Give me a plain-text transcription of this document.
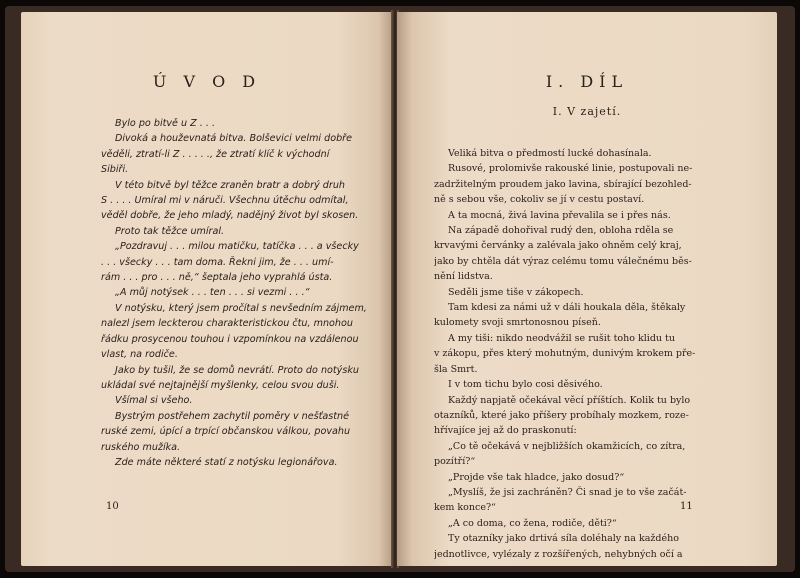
Ú V O D
Bylo po bitvě u Z . . .
Divoká a houževnatá bitva. Bolševici velmi dobře
věděli, ztratí-li Z . . . . ., že ztratí klíč k východní
Sibiři.
V této bitvě byl těžce zraněn bratr a dobrý druh
S . . . . Umíral mi v náruči. Všechnu útěchu odmítal,
věděl dobře, že jeho mladý, nadějný život byl skosen.
Proto tak těžce umíral.
„Pozdravuj . . . milou matičku, tatíčka . . . a všecky
. . . všecky . . . tam doma. Řekni jim, že . . . umí-
rám . . . pro . . . ně,“ šeptala jeho vyprahlá ústa.
„A můj notýsek . . . ten . . . si vezmi . . .“
V notýsku, který jsem pročítal s nevšedním zájmem,
nalezl jsem leckterou charakteristickou čtu, mnohou
řádku prosycenou touhou i vzpomínkou na vzdálenou
vlast, na rodiče.
Jako by tušil, že se domů nevrátí. Proto do notýsku
ukládal své nejtajnější myšlenky, celou svou duši.
Všímal si všeho.
Bystrým postřehem zachytil poměry v nešťastné
ruské zemi, úpící a trpící občanskou válkou, povahu
ruského mužíka.
Zde máte některé statí z notýsku legionářova.
10
I. DÍL
I. V zajetí.
Veliká bitva o předmostí lucké dohasínala.
Rusové, prolomivše rakouské linie, postupovali ne-
zadržitelným proudem jako lavina, sbírající bezohled-
ně s sebou vše, cokoliv se jí v cestu postaví.
A ta mocná, živá lavina převalila se i přes nás.
Na západě dohořival rudý den, obloha rděla se
krvavými červánky a zalévala jako ohněm celý kraj,
jako by chtěla dát výraz celému tomu válečnému běs-
nění lidstva.
Seděli jsme tiše v zákopech.
Tam kdesi za námi už v dáli houkala děla, štěkaly
kulomety svoji smrtonosnou píseň.
A my tiši: nikdo neodvážil se rušit toho klidu tu
v zákopu, přes který mohutným, dunivým krokem pře-
šla Smrt.
I v tom tichu bylo cosi děsivého.
Každý napjatě očekával věcí příštích. Kolik tu bylo
otazníků, které jako příšery probíhaly mozkem, roze-
hřívajíce jej až do praskonutí:
„Co tě očekává v nejbližších okamžicích, co zítra,
pozítří?“
„Projde vše tak hladce, jako dosud?“
„Myslíš, že jsi zachráněn? Či snad je to vše začát-
kem konce?“
„A co doma, co žena, rodiče, děti?“
Ty otazníky jako drtivá síla doléhaly na každého
jednotlivce, vylézaly z rozšířených, nehybných očí a
11
